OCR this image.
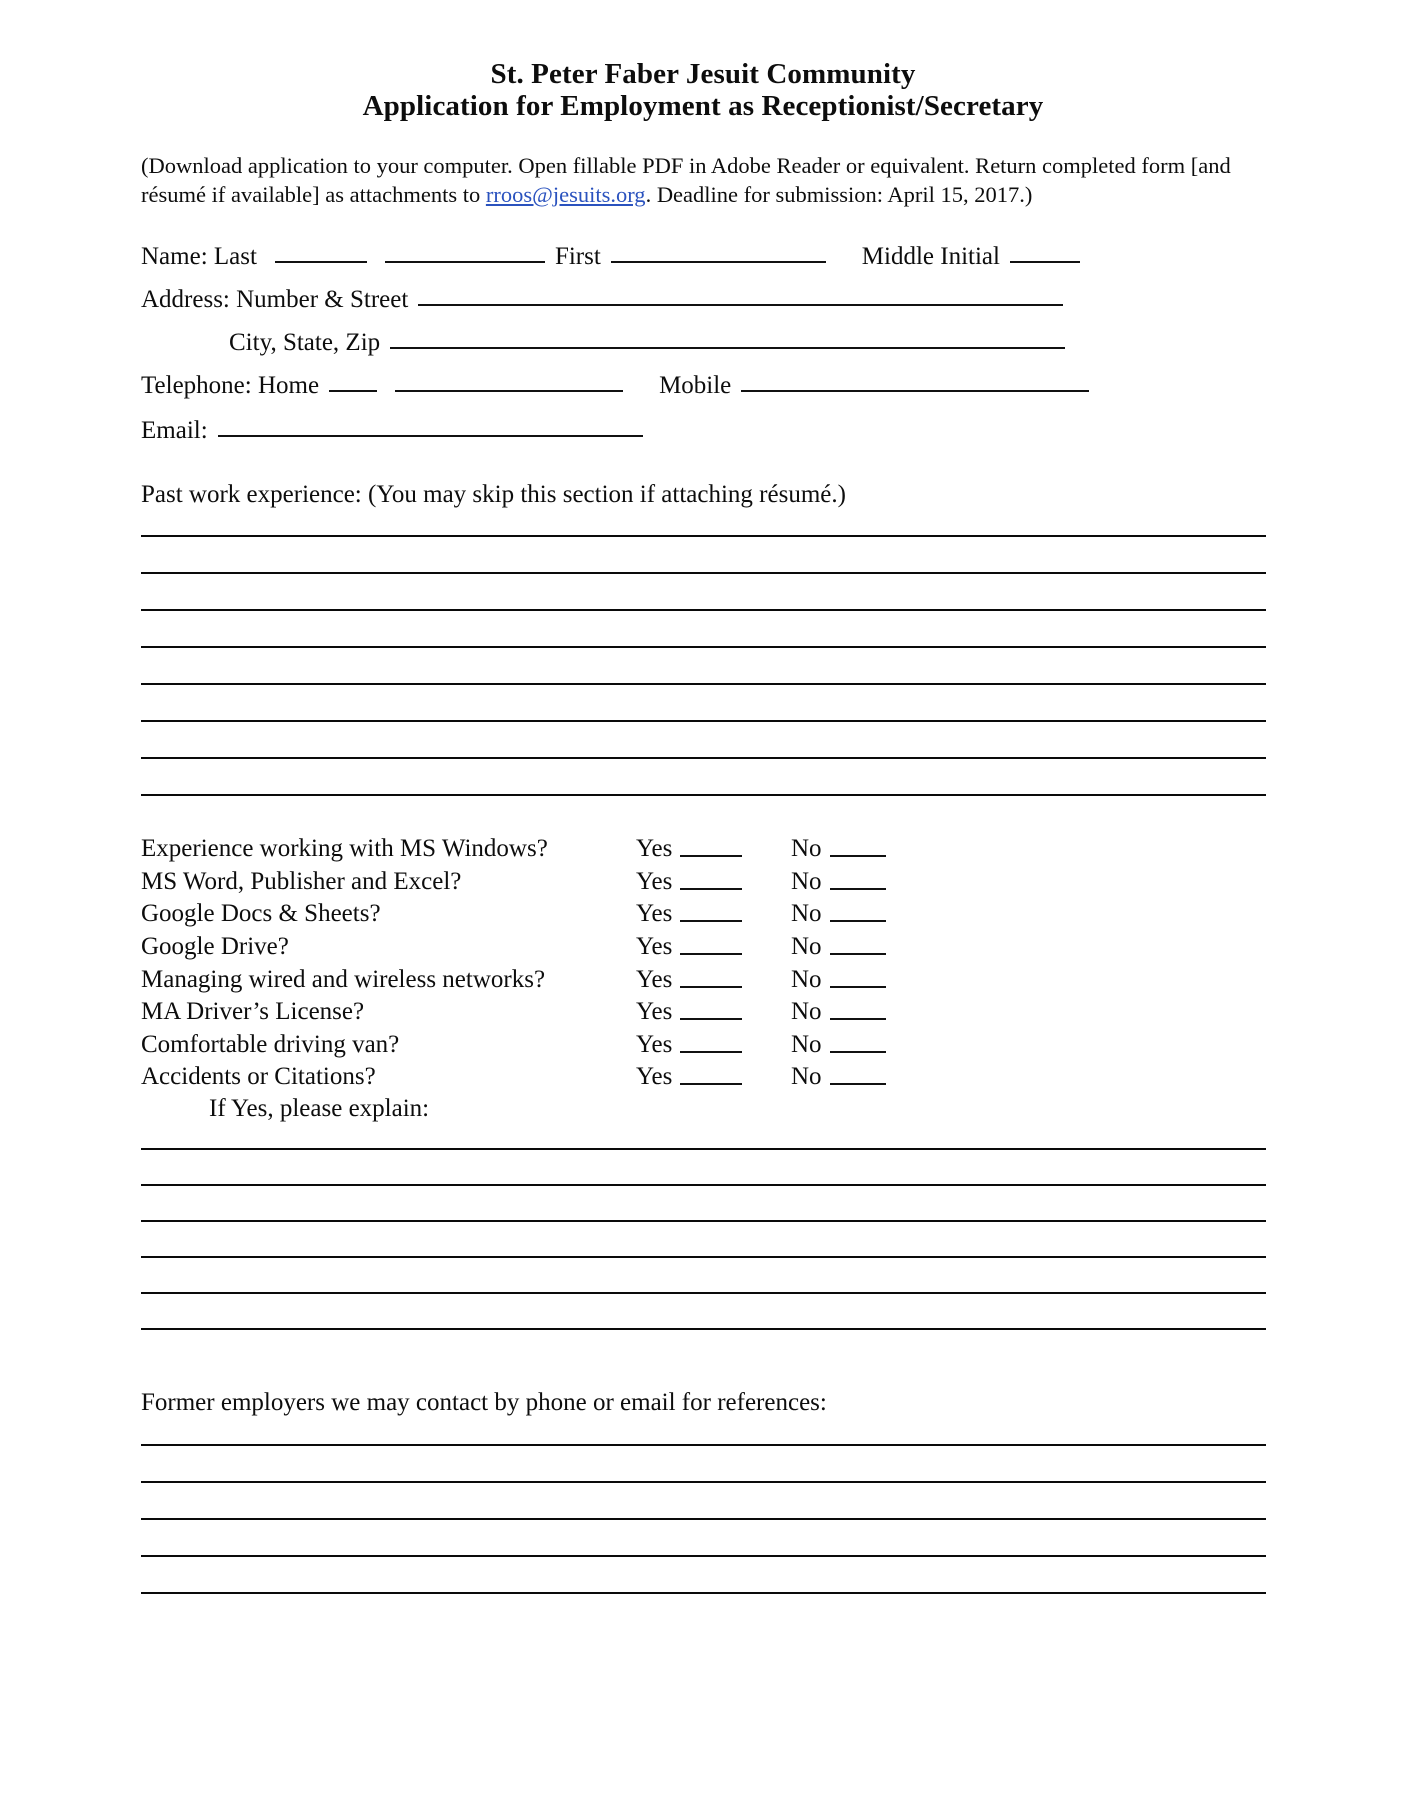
St. Peter Faber Jesuit Community
Application for Employment as Receptionist/Secretary

(Download application to your computer. Open fillable PDF in Adobe Reader or equivalent. Return completed form [and résumé if available] as attachments to rroos@jesuits.org. Deadline for submission: April 15, 2017.)

Name: Last	First	Middle Initial
Address: Number & Street
City, State, Zip
Telephone: Home	Mobile
Email:
Past work experience: (You may skip this section if attaching résumé.)
Experience working with MS Windows?	Yes	No
MS Word, Publisher and Excel?	Yes	No
Google Docs & Sheets?	Yes	No
Google Drive?	Yes	No
Managing wired and wireless networks?	Yes	No
MA Driver’s License?	Yes	No
Comfortable driving van?	Yes	No
Accidents or Citations?	Yes	No
If Yes, please explain:
Former employers we may contact by phone or email for references:
